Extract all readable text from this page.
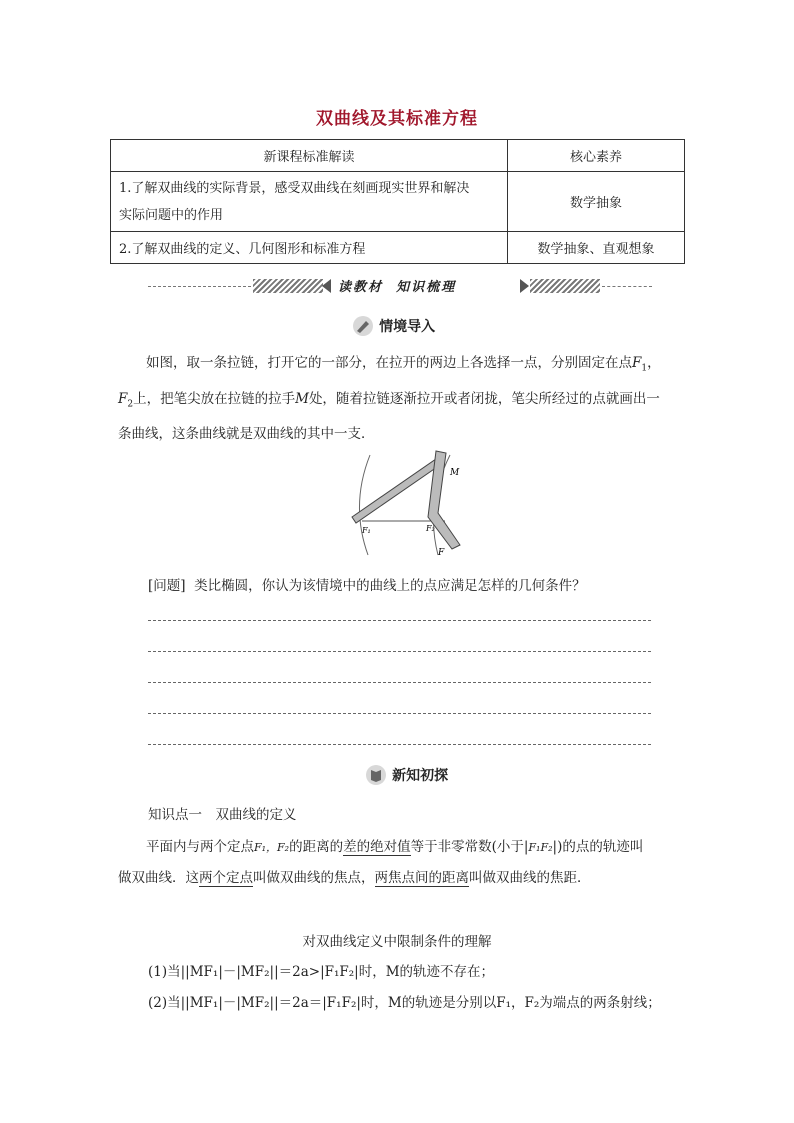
双曲线及其标准方程
新课程标准解读	核心素养

1.了解双曲线的实际背景，感受双曲线在刻画现实世界和解决
实际问题中的作用	数学抽象
2.了解双曲线的定义、几何图形和标准方程	数学抽象、直观想象
读教材 知识梳理
情境导入
如图，取一条拉链，打开它的一部分，在拉开的两边上各选择一点，分别固定在点$F_1$，
$F_2$上，把笔尖放在拉链的拉手M处，随着拉链逐渐拉开或者闭拢，笔尖所经过的点就画出一
条曲线，这条曲线就是双曲线的其中一支．
M
F₁	F₂
F
[问题] 类比椭圆，你认为该情境中的曲线上的点应满足怎样的几何条件？
新知初探
知识点一　双曲线的定义
平面内与两个定点F₁，F₂的距离的差的绝对值等于非零常数(小于|F₁F₂|)的点的轨迹叫
做双曲线．这两个定点叫做双曲线的焦点，两焦点间的距离叫做双曲线的焦距．
对双曲线定义中限制条件的理解
(1)当||MF₁|－|MF₂||＝2a>|F₁F₂|时，M的轨迹不存在；
(2)当||MF₁|－|MF₂||＝2a＝|F₁F₂|时，M的轨迹是分别以F₁，F₂为端点的两条射线；
